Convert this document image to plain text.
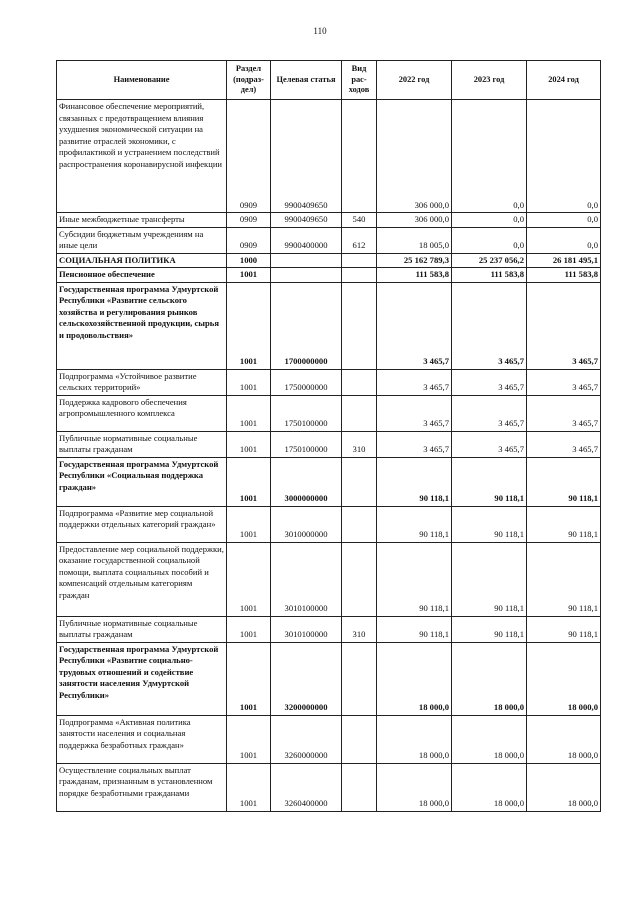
110
Наименование	Раздел (подраз-дел)	Целевая статья	Вид рас-ходов	2022 год	2023 год	2024 год
Финансовое обеспечение мероприятий, связанных с предотвращением влияния ухудшения экономической ситуации на развитие отраслей экономики, с профилактикой и устранением последствий распространения коронавирусной инфекции	0909	9900409650		306 000,0	0,0	0,0
Иные межбюджетные трансферты	0909	9900409650	540	306 000,0	0,0	0,0
Субсидии бюджетным учреждениям на иные цели	0909	9900400000	612	18 005,0	0,0	0,0
СОЦИАЛЬНАЯ ПОЛИТИКА	1000			25 162 789,3	25 237 056,2	26 181 495,1
Пенсионное обеспечение	1001			111 583,8	111 583,8	111 583,8
Государственная программа Удмуртской Республики «Развитие сельского хозяйства и регулирования рынков сельскохозяйственной продукции, сырья и продовольствия»	1001	1700000000		3 465,7	3 465,7	3 465,7
Подпрограмма «Устойчивое развитие сельских территорий»	1001	1750000000		3 465,7	3 465,7	3 465,7
Поддержка кадрового обеспечения агропромышленного комплекса	1001	1750100000		3 465,7	3 465,7	3 465,7
Публичные нормативные социальные выплаты гражданам	1001	1750100000	310	3 465,7	3 465,7	3 465,7
Государственная программа Удмуртской Республики «Социальная поддержка граждан»	1001	3000000000		90 118,1	90 118,1	90 118,1
Подпрограмма «Развитие мер социальной поддержки отдельных категорий граждан»	1001	3010000000		90 118,1	90 118,1	90 118,1
Предоставление мер социальной поддержки, оказание государственной социальной помощи, выплата социальных пособий и компенсаций отдельным категориям граждан	1001	3010100000		90 118,1	90 118,1	90 118,1
Публичные нормативные социальные выплаты гражданам	1001	3010100000	310	90 118,1	90 118,1	90 118,1
Государственная программа Удмуртской Республики «Развитие социально-трудовых отношений и содействие занятости населения Удмуртской Республики»	1001	3200000000		18 000,0	18 000,0	18 000,0
Подпрограмма «Активная политика занятости населения и социальная поддержка безработных граждан»	1001	3260000000		18 000,0	18 000,0	18 000,0
Осуществление социальных выплат гражданам, признанным в установленном порядке безработными гражданами	1001	3260400000		18 000,0	18 000,0	18 000,0
